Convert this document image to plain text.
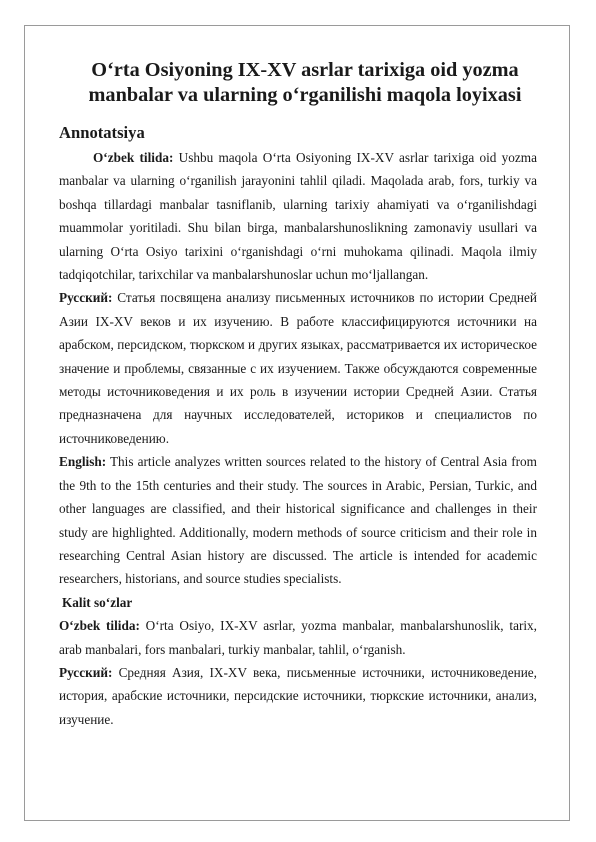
O‘rta Osiyoning IX-XV asrlar tarixiga oid yozma
manbalar va ularning o‘rganilishi maqola loyixasi
Annotatsiya

O‘zbek tilida: Ushbu maqola O‘rta Osiyoning IX-XV asrlar tarixiga oid yozma manbalar va ularning o‘rganilish jarayonini tahlil qiladi. Maqolada arab, fors, turkiy va boshqa tillardagi manbalar tasniflanib, ularning tarixiy ahamiyati va o‘rganilishdagi muammolar yoritiladi. Shu bilan birga, manbalarshunoslikning zamonaviy usullari va ularning O‘rta Osiyo tarixini o‘rganishdagi o‘rni muhokama qilinadi. Maqola ilmiy tadqiqotchilar, tarixchilar va manbalarshunoslar uchun mo‘ljallangan.

Русский: Статья посвящена анализу письменных источников по истории Средней Азии IX-XV веков и их изучению. В работе классифицируются источники на арабском, персидском, тюркском и других языках, рассматривается их историческое значение и проблемы, связанные с их изучением. Также обсуждаются современные методы источниковедения и их роль в изучении истории Средней Азии. Статья предназначена для научных исследователей, историков и специалистов по источниковедению.

English: This article analyzes written sources related to the history of Central Asia from the 9th to the 15th centuries and their study. The sources in Arabic, Persian, Turkic, and other languages are classified, and their historical significance and challenges in their study are highlighted. Additionally, modern methods of source criticism and their role in researching Central Asian history are discussed. The article is intended for academic researchers, historians, and source studies specialists.

Kalit so‘zlar

O‘zbek tilida: O‘rta Osiyo, IX-XV asrlar, yozma manbalar, manbalarshunoslik, tarix, arab manbalari, fors manbalari, turkiy manbalar, tahlil, o‘rganish.

Русский: Средняя Азия, IX-XV века, письменные источники, источниковедение, история, арабские источники, персидские источники, тюркские источники, анализ, изучение.
